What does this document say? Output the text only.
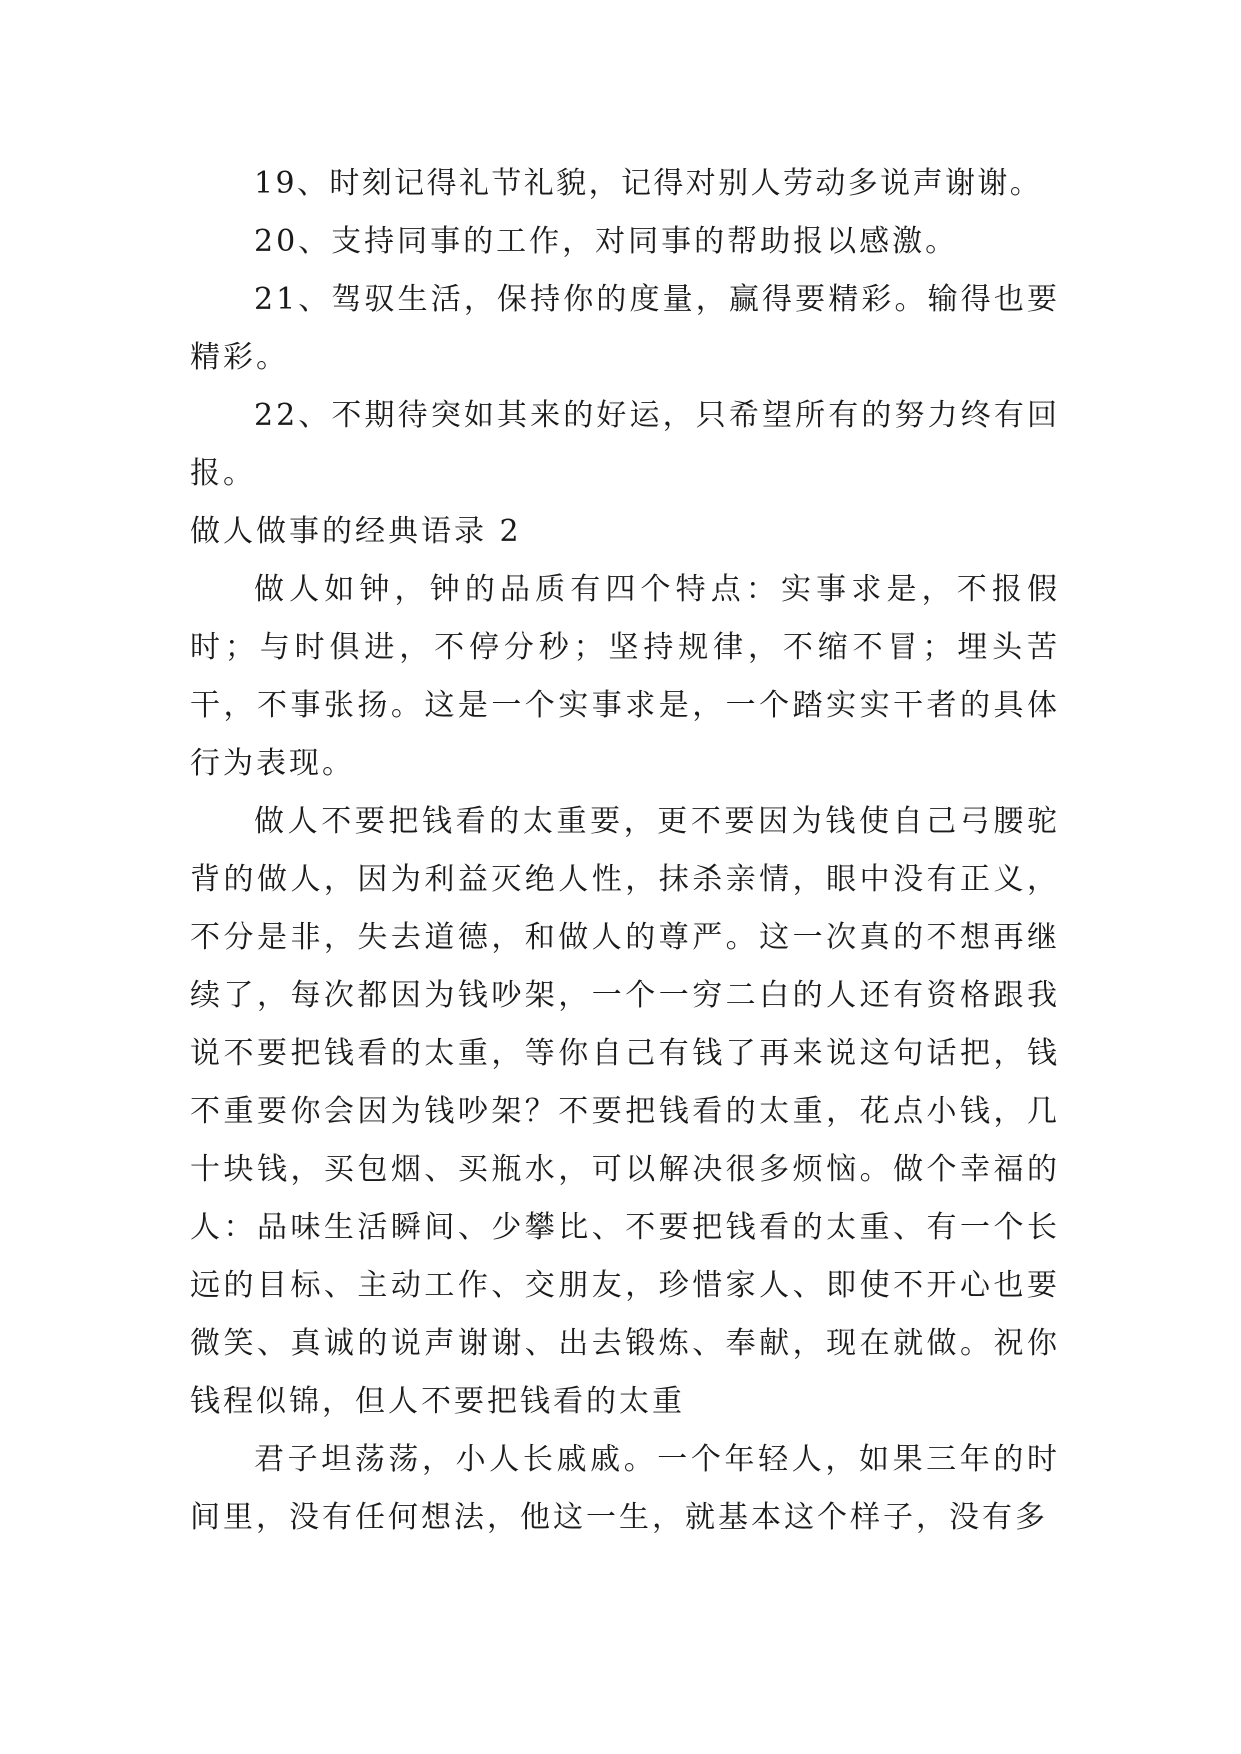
19、时刻记得礼节礼貌，记得对别人劳动多说声谢谢。

20、支持同事的工作，对同事的帮助报以感激。

21、驾驭生活，保持你的度量，赢得要精彩。输得也要精彩。

22、不期待突如其来的好运，只希望所有的努力终有回报。

做人做事的经典语录 2

做人如钟，钟的品质有四个特点：实事求是，不报假时；与时俱进，不停分秒；坚持规律，不缩不冒；埋头苦干，不事张扬。这是一个实事求是，一个踏实实干者的具体行为表现。

做人不要把钱看的太重要，更不要因为钱使自己弓腰驼背的做人，因为利益灭绝人性，抹杀亲情，眼中没有正义，不分是非，失去道德，和做人的尊严。这一次真的不想再继续了，每次都因为钱吵架，一个一穷二白的人还有资格跟我说不要把钱看的太重，等你自己有钱了再来说这句话把，钱不重要你会因为钱吵架？不要把钱看的太重，花点小钱，几十块钱，买包烟、买瓶水，可以解决很多烦恼。做个幸福的人：品味生活瞬间、少攀比、不要把钱看的太重、有一个长远的目标、主动工作、交朋友，珍惜家人、即使不开心也要微笑、真诚的说声谢谢、出去锻炼、奉献，现在就做。祝你钱程似锦，但人不要把钱看的太重

君子坦荡荡，小人长戚戚。一个年轻人，如果三年的时间里，没有任何想法，他这一生，就基本这个样子，没有多
